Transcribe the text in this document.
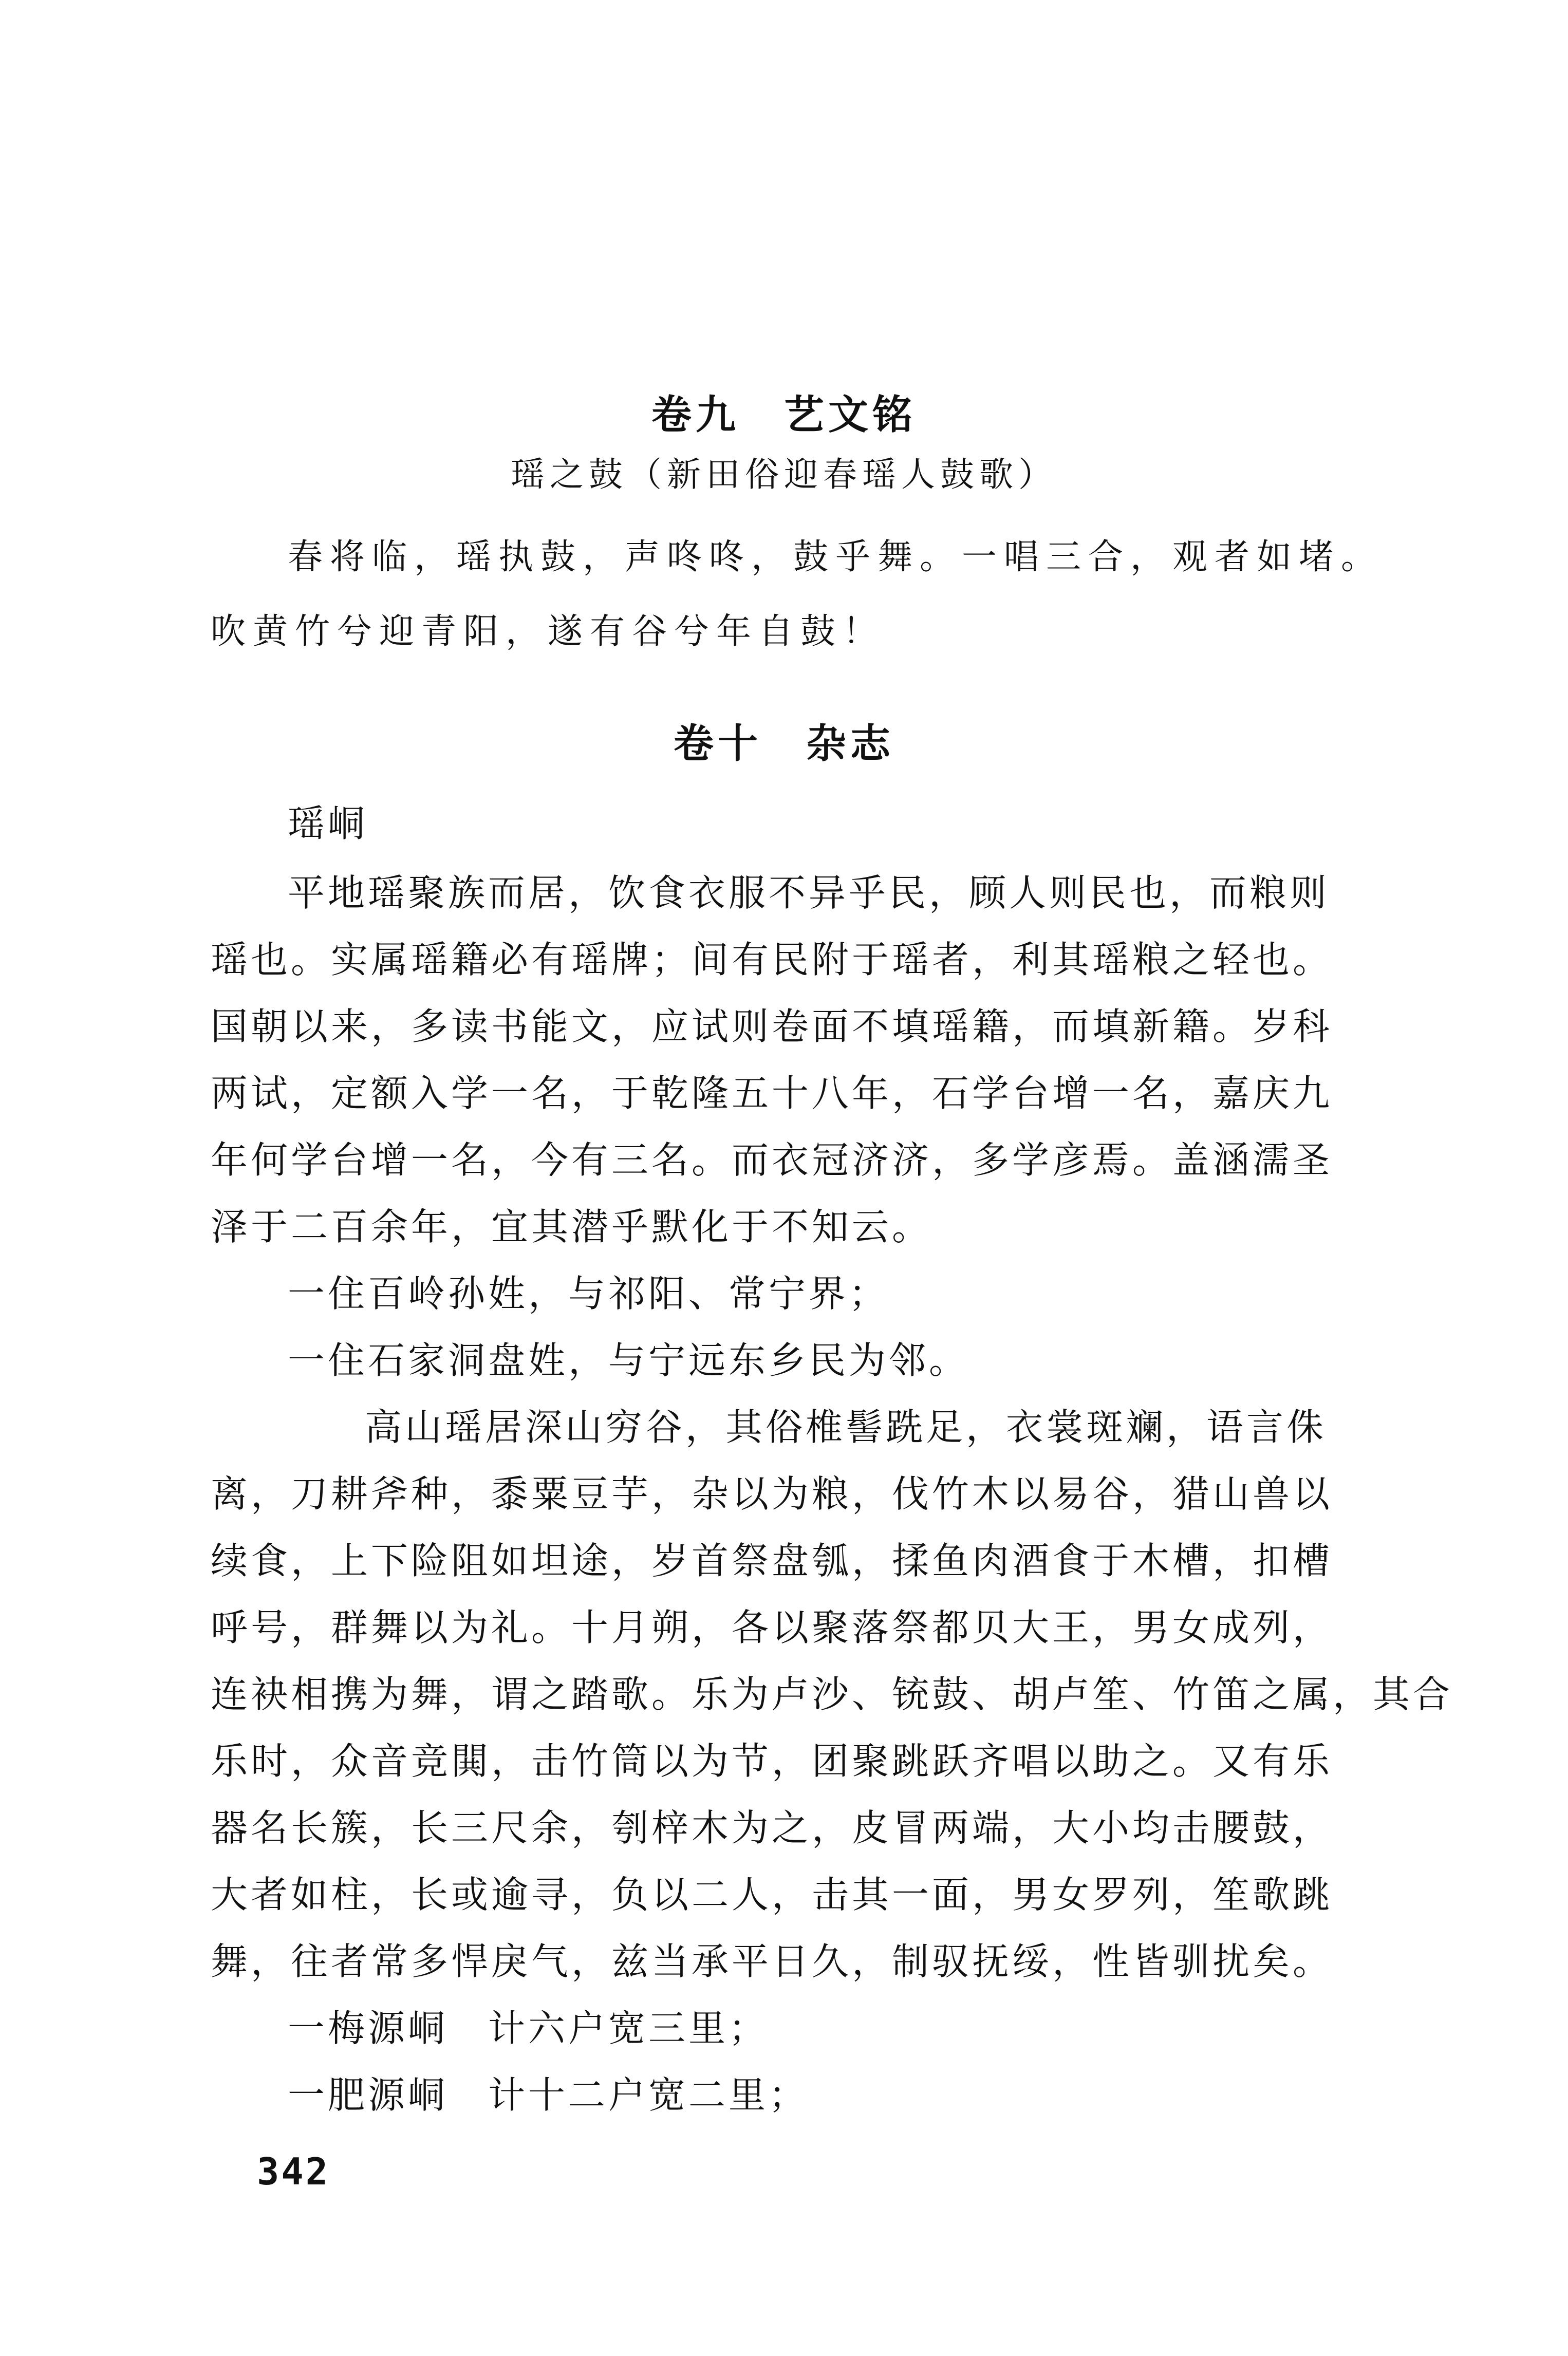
卷九　艺文铭
瑶之鼓（新田俗迎春瑶人鼓歌）
春将临，瑶执鼓，声咚咚，鼓乎舞。一唱三合，观者如堵。
吹黄竹兮迎青阳，遂有谷兮年自鼓！
卷十　杂志
瑶峒
平地瑶聚族而居，饮食衣服不异乎民，顾人则民也，而粮则
瑶也。实属瑶籍必有瑶牌；间有民附于瑶者，利其瑶粮之轻也。
国朝以来，多读书能文，应试则卷面不填瑶籍，而填新籍。岁科
两试，定额入学一名，于乾隆五十八年，石学台增一名，嘉庆九
年何学台增一名，今有三名。而衣冠济济，多学彦焉。盖涵濡圣
泽于二百余年，宜其潜乎默化于不知云。
一住百岭孙姓，与祁阳、常宁界；
一住石家洞盘姓，与宁远东乡民为邻。
高山瑶居深山穷谷，其俗椎髻跣足，衣裳斑斓，语言侏
离，刀耕斧种，黍粟豆芋，杂以为粮，伐竹木以易谷，猎山兽以
续食，上下险阻如坦途，岁首祭盘瓠，揉鱼肉酒食于木槽，扣槽
呼号，群舞以为礼。十月朔，各以聚落祭都贝大王，男女成列，
连袂相携为舞，谓之踏歌。乐为卢沙、铳鼓、胡卢笙、竹笛之属，其合
乐时，众音竞閧，击竹筒以为节，团聚跳跃齐唱以助之。又有乐
器名长簇，长三尺余，刳梓木为之，皮冒两端，大小均击腰鼓，
大者如柱，长或逾寻，负以二人，击其一面，男女罗列，笙歌跳
舞，往者常多悍戾气，兹当承平日久，制驭抚绥，性皆驯扰矣。
一梅源峒　计六户宽三里；
一肥源峒　计十二户宽二里；
342
